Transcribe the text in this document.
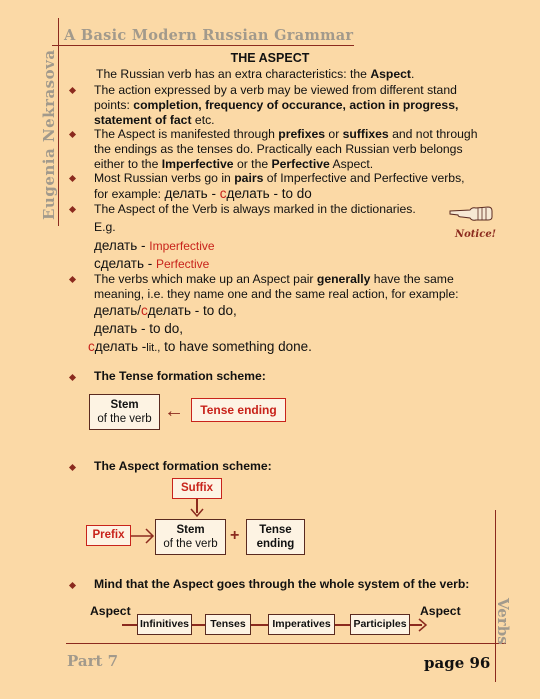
A Basic Modern Russian Grammar
Eugenia Nekrasova
Verbs
Part 7	page 96
THE ASPECT
The Russian verb has an extra characteristics: the Aspect.
The action expressed by a verb may be viewed from different stand
points: completion, frequency of occurance, action in progress,
statement of fact etc.
The Aspect is manifested through prefixes or suffixes and not through
the endings as the tenses do. Practically each Russian verb belongs
either to the Imperfective or the Perfective Aspect.
Most Russian verbs go in pairs of Imperfective and Perfective verbs,
for example: делать - сделать - to do
The Aspect of the Verb is always marked in the dictionaries.
E.g.
делать - Imperfective
сделать - Perfective
Notice!
The verbs which make up an Aspect pair generally have the same
meaning, i.e. they name one and the same real action, for example:
делать/сделать - to do,
делать - to do,
сделать -lit., to have something done.
The Tense formation scheme:
Stem
of the verb ←	Tense ending
The Aspect formation scheme:
Suffix
Prefix	Stem
of the verb +	Tense
ending
Mind that the Aspect goes through the whole system of the verb:
Aspect	Aspect
Infinitives	Tenses	Imperatives	Participles
